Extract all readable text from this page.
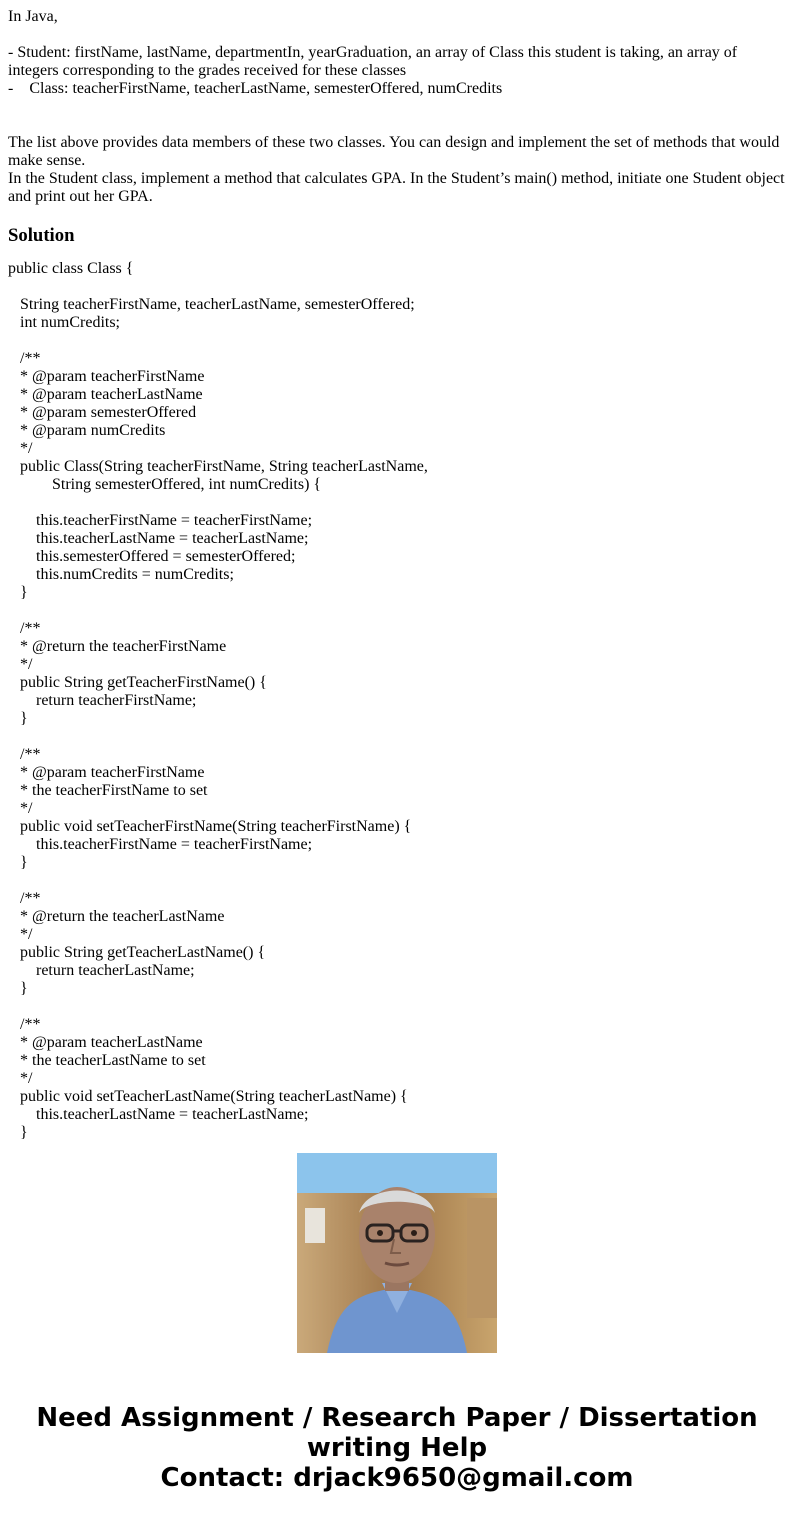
In Java,
- Student: firstName, lastName, departmentIn, yearGraduation, an array of Class this student is taking, an array of integers corresponding to the grades received for these classes
-    Class: teacherFirstName, teacherLastName, semesterOffered, numCredits
The list above provides data members of these two classes. You can design and implement the set of methods that would make sense.
In the Student class, implement a method that calculates GPA. In the Student’s main() method, initiate one Student object and print out her GPA.
Solution
public class Class {
String teacherFirstName, teacherLastName, semesterOffered;
int numCredits;
/**
* @param teacherFirstName
* @param teacherLastName
* @param semesterOffered
* @param numCredits
*/
public Class(String teacherFirstName, String teacherLastName,
String semesterOffered, int numCredits) {
this.teacherFirstName = teacherFirstName;
this.teacherLastName = teacherLastName;
this.semesterOffered = semesterOffered;
this.numCredits = numCredits;
}
/**
* @return the teacherFirstName
*/
public String getTeacherFirstName() {
return teacherFirstName;
}
/**
* @param teacherFirstName
* the teacherFirstName to set
*/
public void setTeacherFirstName(String teacherFirstName) {
this.teacherFirstName = teacherFirstName;
}
/**
* @return the teacherLastName
*/
public String getTeacherLastName() {
return teacherLastName;
}
/**
* @param teacherLastName
* the teacherLastName to set
*/
public void setTeacherLastName(String teacherLastName) {
this.teacherLastName = teacherLastName;
}
Need Assignment / Research Paper / Dissertation
writing Help
Contact: drjack9650@gmail.com
